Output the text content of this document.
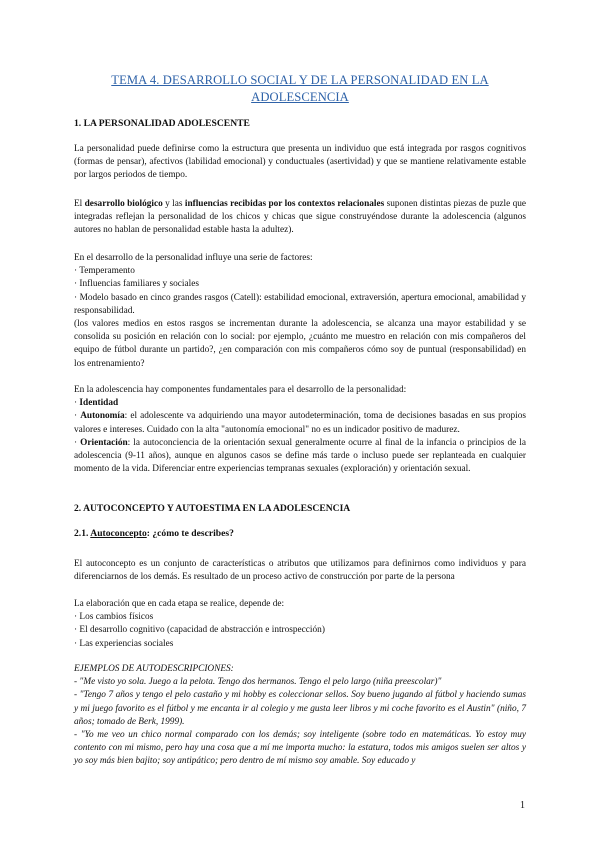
TEMA 4. DESARROLLO SOCIAL Y DE LA PERSONALIDAD EN LA ADOLESCENCIA
1. LA PERSONALIDAD ADOLESCENTE
La personalidad puede definirse como la estructura que presenta un individuo que está integrada por rasgos cognitivos (formas de pensar), afectivos (labilidad emocional) y conductuales (asertividad) y que se mantiene relativamente estable por largos periodos de tiempo.
El desarrollo biológico y las influencias recibidas por los contextos relacionales suponen distintas piezas de puzle que integradas reflejan la personalidad de los chicos y chicas que sigue construyéndose durante la adolescencia (algunos autores no hablan de personalidad estable hasta la adultez).

En el desarrollo de la personalidad influye una serie de factores:

· Temperamento

· Influencias familiares y sociales

· Modelo basado en cinco grandes rasgos (Catell): estabilidad emocional, extraversión, apertura emocional, amabilidad y responsabilidad.

(los valores medios en estos rasgos se incrementan durante la adolescencia, se alcanza una mayor estabilidad y se consolida su posición en relación con lo social: por ejemplo, ¿cuánto me muestro en relación con mis compañeros del equipo de fútbol durante un partido?, ¿en comparación con mis compañeros cómo soy de puntual (responsabilidad) en los entrenamiento?

En la adolescencia hay componentes fundamentales para el desarrollo de la personalidad:

· Identidad

· Autonomía: el adolescente va adquiriendo una mayor autodeterminación, toma de decisiones basadas en sus propios valores e intereses. Cuidado con la alta "autonomía emocional" no es un indicador positivo de madurez.

· Orientación: la autoconciencia de la orientación sexual generalmente ocurre al final de la infancia o principios de la adolescencia (9-11 años), aunque en algunos casos se define más tarde o incluso puede ser replanteada en cualquier momento de la vida. Diferenciar entre experiencias tempranas sexuales (exploración) y orientación sexual.

2. AUTOCONCEPTO Y AUTOESTIMA EN LA ADOLESCENCIA
2.1. Autoconcepto: ¿cómo te describes?
El autoconcepto es un conjunto de características o atributos que utilizamos para definirnos como individuos y para diferenciarnos de los demás. Es resultado de un proceso activo de construcción por parte de la persona

La elaboración que en cada etapa se realice, depende de:

· Los cambios físicos

· El desarrollo cognitivo (capacidad de abstracción e introspección)

· Las experiencias sociales

EJEMPLOS DE AUTODESCRIPCIONES:

- "Me visto yo sola. Juego a la pelota. Tengo dos hermanos. Tengo el pelo largo (niña preescolar)"

- "Tengo 7 años y tengo el pelo castaño y mi hobby es coleccionar sellos. Soy bueno jugando al fútbol y haciendo sumas y mi juego favorito es el fútbol y me encanta ir al colegio y me gusta leer libros y mi coche favorito es el Austin" (niño, 7 años; tomado de Berk, 1999).

- "Yo me veo un chico normal comparado con los demás; soy inteligente (sobre todo en matemáticas. Yo estoy muy contento con mi mismo, pero hay una cosa que a mí me importa mucho: la estatura, todos mis amigos suelen ser altos y yo soy más bien bajito; soy antipático; pero dentro de mí mismo soy amable. Soy educado y

1
